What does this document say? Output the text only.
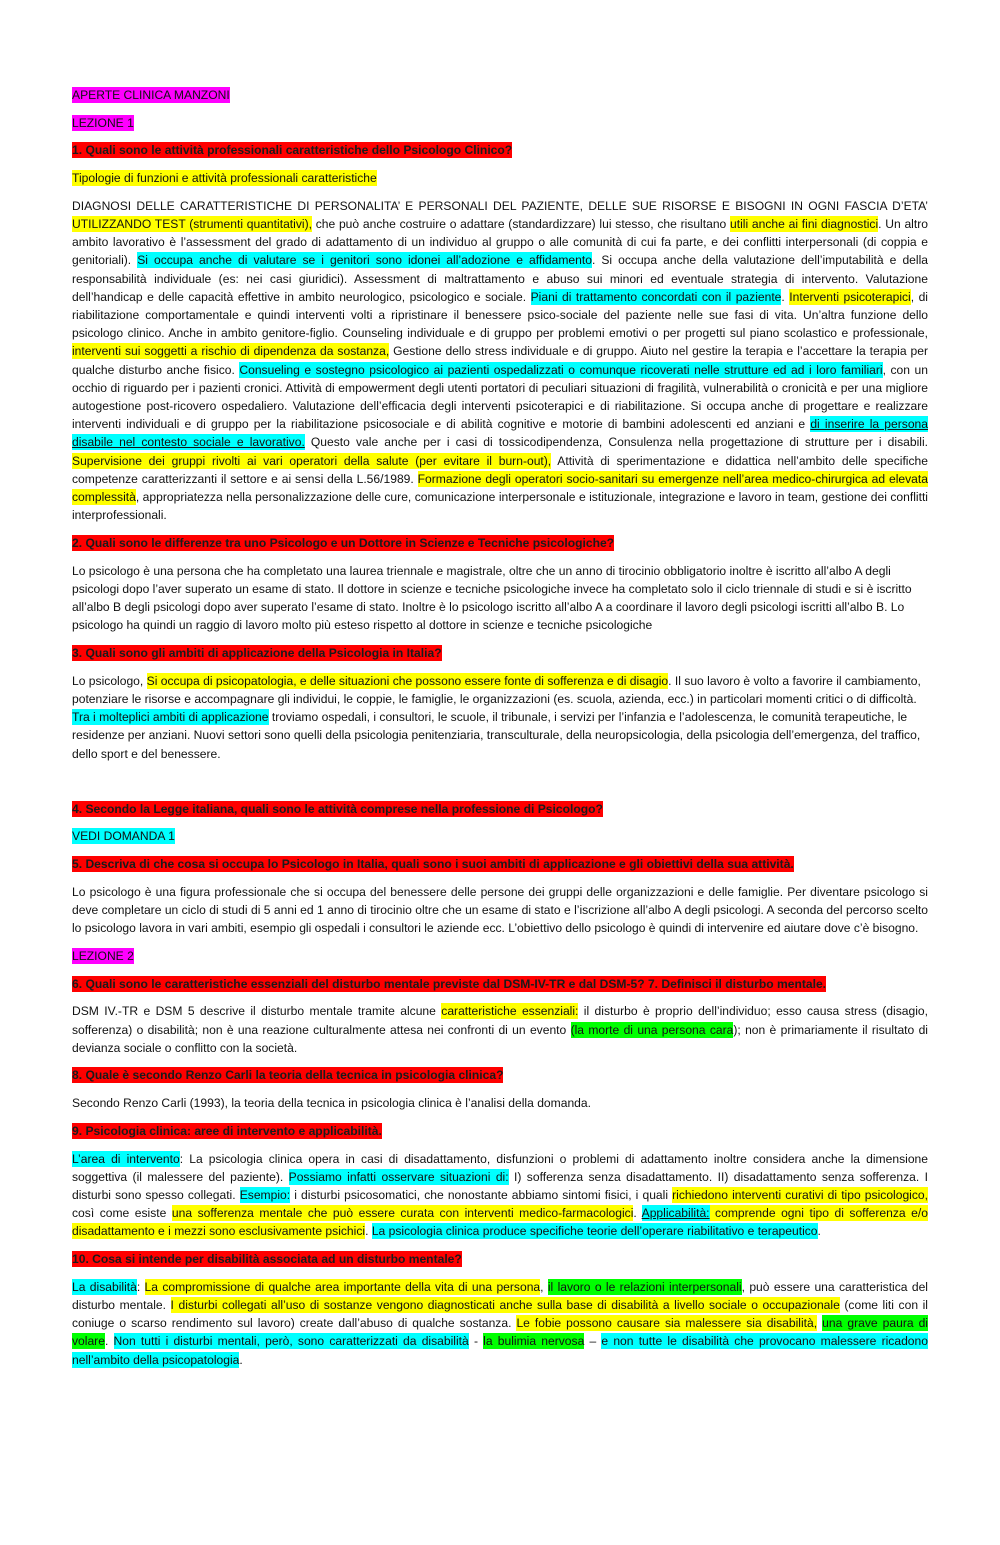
APERTE CLINICA MANZONI

LEZIONE 1

1. Quali sono le attività professionali caratteristiche dello Psicologo Clinico?

Tipologie di funzioni e attività professionali caratteristiche

DIAGNOSI DELLE CARATTERISTICHE DI PERSONALITA’ E PERSONALI DEL PAZIENTE, DELLE SUE RISORSE E BISOGNI IN OGNI FASCIA D’ETA’ UTILIZZANDO TEST (strumenti quantitativi), che può anche costruire o adattare (standardizzare) lui stesso, che risultano utili anche ai fini diagnostici. Un altro ambito lavorativo è l’assessment del grado di adattamento di un individuo al gruppo o alle comunità di cui fa parte, e dei conflitti interpersonali (di coppia e genitoriali). Si occupa anche di valutare se i genitori sono idonei all’adozione e affidamento. Si occupa anche della valutazione dell’imputabilità e della responsabilità individuale (es: nei casi giuridici). Assessment di maltrattamento e abuso sui minori ed eventuale strategia di intervento. Valutazione dell’handicap e delle capacità effettive in ambito neurologico, psicologico e sociale. Piani di trattamento concordati con il paziente. Interventi psicoterapici, di riabilitazione comportamentale e quindi interventi volti a ripristinare il benessere psico-sociale del paziente nelle sue fasi di vita. Un’altra funzione dello psicologo clinico. Anche in ambito genitore-figlio. Counseling individuale e di gruppo per problemi emotivi o per progetti sul piano scolastico e professionale, interventi sui soggetti a rischio di dipendenza da sostanza, Gestione dello stress individuale e di gruppo. Aiuto nel gestire la terapia e l’accettare la terapia per qualche disturbo anche fisico. Consueling e sostegno psicologico ai pazienti ospedalizzati o comunque ricoverati nelle strutture ed ad i loro familiari, con un occhio di riguardo per i pazienti cronici. Attività di empowerment degli utenti portatori di peculiari situazioni di fragilità, vulnerabilità o cronicità e per una migliore autogestione post-ricovero ospedaliero. Valutazione dell’efficacia degli interventi psicoterapici e di riabilitazione. Si occupa anche di progettare e realizzare interventi individuali e di gruppo per la riabilitazione psicosociale e di abilità cognitive e motorie di bambini adolescenti ed anziani e di inserire la persona disabile nel contesto sociale e lavorativo. Questo vale anche per i casi di tossicodipendenza, Consulenza nella progettazione di strutture per i disabili. Supervisione dei gruppi rivolti ai vari operatori della salute (per evitare il burn-out), Attività di sperimentazione e didattica nell’ambito delle specifiche competenze caratterizzanti il settore e ai sensi della L.56/1989. Formazione degli operatori socio-sanitari su emergenze nell’area medico-chirurgica ad elevata complessità, appropriatezza nella personalizzazione delle cure, comunicazione interpersonale e istituzionale, integrazione e lavoro in team, gestione dei conflitti interprofessionali.

2. Quali sono le differenze tra uno Psicologo e un Dottore in Scienze e Tecniche psicologiche?

Lo psicologo è una persona che ha completato una laurea triennale e magistrale, oltre che un anno di tirocinio obbligatorio inoltre è iscritto all’albo A degli psicologi dopo l’aver superato un esame di stato. Il dottore in scienze e tecniche psicologiche invece ha completato solo il ciclo triennale di studi e si è iscritto all’albo B degli psicologi dopo aver superato l’esame di stato. Inoltre è lo psicologo iscritto all’albo A a coordinare il lavoro degli psicologi iscritti all’albo B. Lo psicologo ha quindi un raggio di lavoro molto più esteso rispetto al dottore in scienze e tecniche psicologiche

3. Quali sono gli ambiti di applicazione della Psicologia in Italia?

Lo psicologo, Si occupa di psicopatologia, e delle situazioni che possono essere fonte di sofferenza e di disagio. Il suo lavoro è volto a favorire il cambiamento, potenziare le risorse e accompagnare gli individui, le coppie, le famiglie, le organizzazioni (es. scuola, azienda, ecc.) in particolari momenti critici o di difficoltà. Tra i molteplici ambiti di applicazione troviamo ospedali, i consultori, le scuole, il tribunale, i servizi per l’infanzia e l’adolescenza, le comunità terapeutiche, le residenze per anziani. Nuovi settori sono quelli della psicologia penitenziaria, transculturale, della neuropsicologia, della psicologia dell’emergenza, del traffico, dello sport e del benessere.

4. Secondo la Legge italiana, quali sono le attività comprese nella professione di Psicologo?

VEDI DOMANDA 1

5. Descriva di che cosa si occupa lo Psicologo in Italia, quali sono i suoi ambiti di applicazione e gli obiettivi della sua attività.

Lo psicologo è una figura professionale che si occupa del benessere delle persone dei gruppi delle organizzazioni e delle famiglie. Per diventare psicologo si deve completare un ciclo di studi di 5 anni ed 1 anno di tirocinio oltre che un esame di stato e l’iscrizione all’albo A degli psicologi. A seconda del percorso scelto lo psicologo lavora in vari ambiti, esempio gli ospedali i consultori le aziende ecc. L’obiettivo dello psicologo è quindi di intervenire ed aiutare dove c’è bisogno.

LEZIONE 2

6. Quali sono le caratteristiche essenziali del disturbo mentale previste dal DSM-IV-TR e dal DSM-5? 7. Definisci il disturbo mentale.

DSM IV.-TR e DSM 5 descrive il disturbo mentale tramite alcune caratteristiche essenziali: il disturbo è proprio dell’individuo; esso causa stress (disagio, sofferenza) o disabilità; non è una reazione culturalmente attesa nei confronti di un evento (la morte di una persona cara); non è primariamente il risultato di devianza sociale o conflitto con la società.

8. Quale è secondo Renzo Carli la teoria della tecnica in psicologia clinica?

Secondo Renzo Carli (1993), la teoria della tecnica in psicologia clinica è l’analisi della domanda.

9. Psicologia clinica: aree di intervento e applicabilità.

L’area di intervento: La psicologia clinica opera in casi di disadattamento, disfunzioni o problemi di adattamento inoltre considera anche la dimensione soggettiva (il malessere del paziente). Possiamo infatti osservare situazioni di: I) sofferenza senza disadattamento. II) disadattamento senza sofferenza. I disturbi sono spesso collegati. Esempio: i disturbi psicosomatici, che nonostante abbiamo sintomi fisici, i quali richiedono interventi curativi di tipo psicologico, così come esiste una sofferenza mentale che può essere curata con interventi medico-farmacologici. Applicabilità: comprende ogni tipo di sofferenza e/o disadattamento e i mezzi sono esclusivamente psichici. La psicologia clinica produce specifiche teorie dell’operare riabilitativo e terapeutico.

10. Cosa si intende per disabilità associata ad un disturbo mentale?

La disabilità: La compromissione di qualche area importante della vita di una persona, il lavoro o le relazioni interpersonali, può essere una caratteristica del disturbo mentale. I disturbi collegati all’uso di sostanze vengono diagnosticati anche sulla base di disabilità a livello sociale o occupazionale (come liti con il coniuge o scarso rendimento sul lavoro) create dall’abuso di qualche sostanza. Le fobie possono causare sia malessere sia disabilità, una grave paura di volare. Non tutti i disturbi mentali, però, sono caratterizzati da disabilità - la bulimia nervosa – e non tutte le disabilità che provocano malessere ricadono nell’ambito della psicopatologia.
